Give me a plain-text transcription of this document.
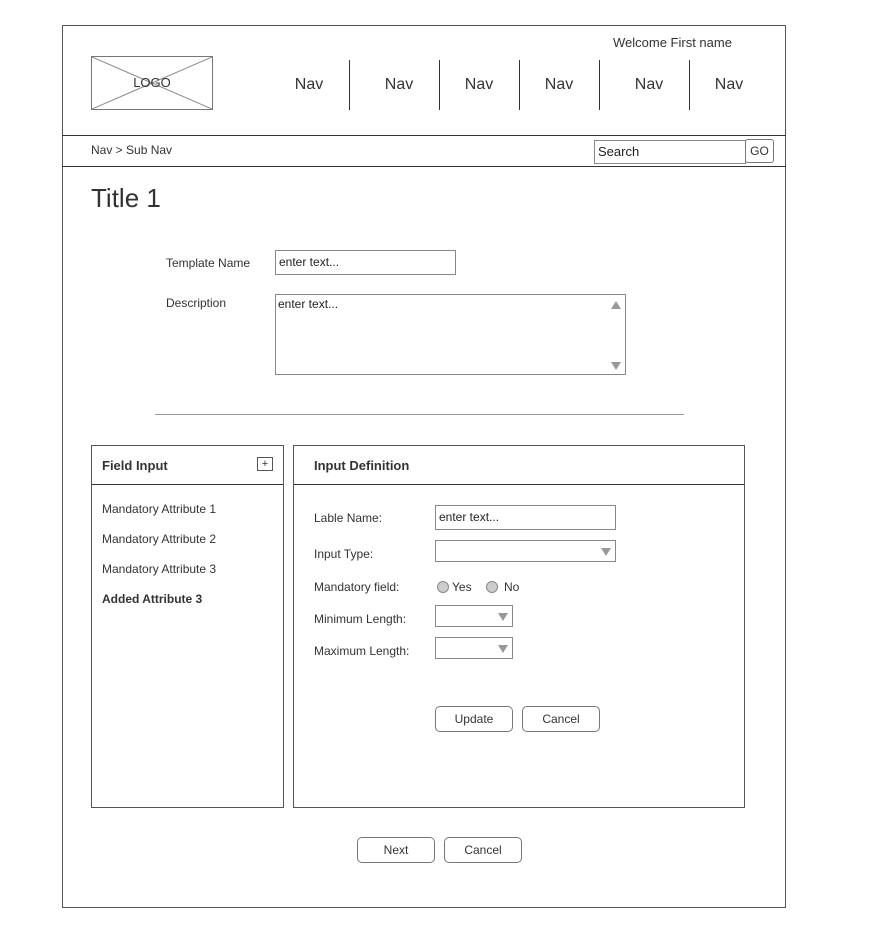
LOGO
Welcome First name
Nav	Nav	Nav	Nav	Nav	Nav
Nav > Sub Nav	Search	GO
Title 1
Template Name	enter text...
Description	enter text...
Field Input	+
Mandatory Attribute 1
Mandatory Attribute 2
Mandatory Attribute 3
Added Attribute 3
Input Definition
Lable Name:	enter text...
Input Type:
Mandatory field:	Yes	No
Minimum Length:
Maximum Length:
Update	Cancel
Next	Cancel
